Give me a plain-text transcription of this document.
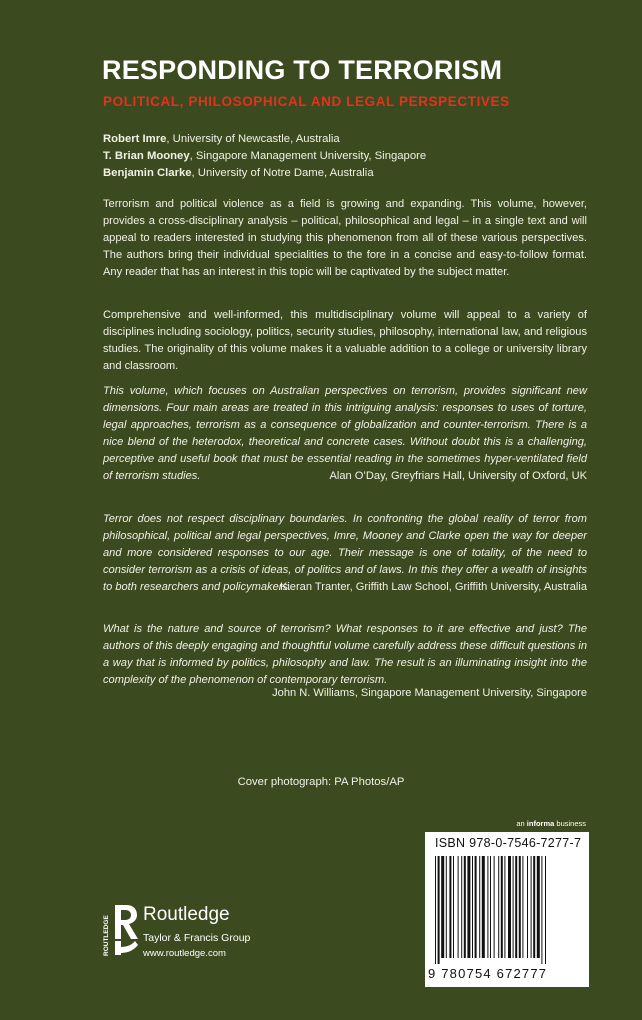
RESPONDING TO TERRORISM
POLITICAL, PHILOSOPHICAL AND LEGAL PERSPECTIVES
Robert Imre, University of Newcastle, Australia
T. Brian Mooney, Singapore Management University, Singapore
Benjamin Clarke, University of Notre Dame, Australia

Terrorism and political violence as a field is growing and expanding. This volume, however, provides a cross-disciplinary analysis – political, philosophical and legal – in a single text and will appeal to readers interested in studying this phenomenon from all of these various perspectives. The authors bring their individual specialities to the fore in a concise and easy-to-follow format. Any reader that has an interest in this topic will be captivated by the subject matter.

Comprehensive and well-informed, this multidisciplinary volume will appeal to a variety of disciplines including sociology, politics, security studies, philosophy, international law, and religious studies. The originality of this volume makes it a valuable addition to a college or university library and classroom.

This volume, which focuses on Australian perspectives on terrorism, provides significant new dimensions. Four main areas are treated in this intriguing analysis: responses to uses of torture, legal approaches, terrorism as a consequence of globalization and counter-terrorism. There is a nice blend of the heterodox, theoretical and concrete cases. Without doubt this is a challenging, perceptive and useful book that must be essential reading in the sometimes hyper-ventilated field of terrorism studies.	Alan O’Day, Greyfriars Hall, University of Oxford, UK

Terror does not respect disciplinary boundaries. In confronting the global reality of terror from philosophical, political and legal perspectives, Imre, Mooney and Clarke open the way for deeper and more considered responses to our age. Their message is one of totality, of the need to consider terrorism as a crisis of ideas, of politics and of laws. In this they offer a wealth of insights to both researchers and policymakers.

Kieran Tranter, Griffith Law School, Griffith University, Australia

What is the nature and source of terrorism? What responses to it are effective and just? The authors of this deeply engaging and thoughtful volume carefully address these difficult questions in a way that is informed by politics, philosophy and law. The result is an illuminating insight into the complexity of the phenomenon of contemporary terrorism.

John N. Williams, Singapore Management University, Singapore
Cover photograph: PA Photos/AP
an informa business
ISBN 978-0-7546-7277-7
9 780754 672777
ROUTLEDGE
Routledge
Taylor & Francis Group
www.routledge.com
